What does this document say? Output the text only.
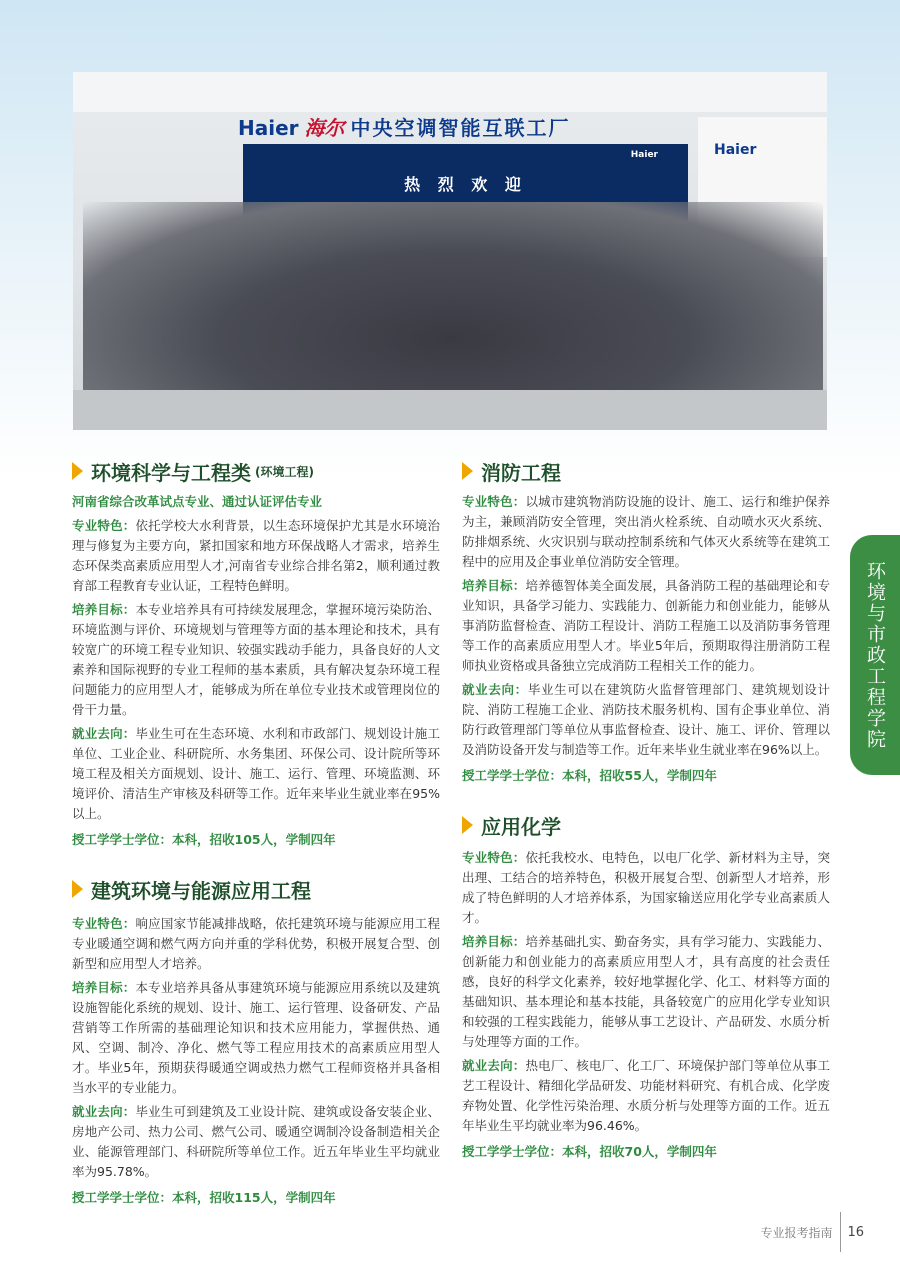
Haier 海尔 中央空调智能互联工厂
Haier
热 烈 欢 迎
Haier
环境科学与工程类 (环境工程)
河南省综合改革试点专业、通过认证评估专业
专业特色：依托学校大水利背景，以生态环境保护尤其是水环境治理与修复为主要方向，紧扣国家和地方环保战略人才需求，培养生态环保类高素质应用型人才,河南省专业综合排名第2，顺利通过教育部工程教育专业认证，工程特色鲜明。
培养目标：本专业培养具有可持续发展理念，掌握环境污染防治、环境监测与评价、环境规划与管理等方面的基本理论和技术，具有较宽广的环境工程专业知识、较强实践动手能力，具备良好的人文素养和国际视野的专业工程师的基本素质，具有解决复杂环境工程问题能力的应用型人才，能够成为所在单位专业技术或管理岗位的骨干力量。
就业去向：毕业生可在生态环境、水利和市政部门、规划设计施工单位、工业企业、科研院所、水务集团、环保公司、设计院所等环境工程及相关方面规划、设计、施工、运行、管理、环境监测、环境评价、清洁生产审核及科研等工作。近年来毕业生就业率在95%以上。
授工学学士学位：本科，招收105人，学制四年
建筑环境与能源应用工程
专业特色：响应国家节能减排战略，依托建筑环境与能源应用工程专业暖通空调和燃气两方向并重的学科优势，积极开展复合型、创新型和应用型人才培养。
培养目标：本专业培养具备从事建筑环境与能源应用系统以及建筑设施智能化系统的规划、设计、施工、运行管理、设备研发、产品营销等工作所需的基础理论知识和技术应用能力，掌握供热、通风、空调、制冷、净化、燃气等工程应用技术的高素质应用型人才。毕业5年，预期获得暖通空调或热力燃气工程师资格并具备相当水平的专业能力。
就业去向：毕业生可到建筑及工业设计院、建筑或设备安装企业、房地产公司、热力公司、燃气公司、暖通空调制冷设备制造相关企业、能源管理部门、科研院所等单位工作。近五年毕业生平均就业率为95.78%。
授工学学士学位：本科，招收115人，学制四年
消防工程
专业特色：以城市建筑物消防设施的设计、施工、运行和维护保养为主，兼顾消防安全管理，突出消火栓系统、自动喷水灭火系统、防排烟系统、火灾识别与联动控制系统和气体灭火系统等在建筑工程中的应用及企事业单位消防安全管理。
培养目标：培养德智体美全面发展，具备消防工程的基础理论和专业知识，具备学习能力、实践能力、创新能力和创业能力，能够从事消防监督检查、消防工程设计、消防工程施工以及消防事务管理等工作的高素质应用型人才。毕业5年后，预期取得注册消防工程师执业资格或具备独立完成消防工程相关工作的能力。
就业去向：毕业生可以在建筑防火监督管理部门、建筑规划设计院、消防工程施工企业、消防技术服务机构、国有企事业单位、消防行政管理部门等单位从事监督检查、设计、施工、评价、管理以及消防设备开发与制造等工作。近年来毕业生就业率在96%以上。
授工学学士学位：本科，招收55人，学制四年
应用化学
专业特色：依托我校水、电特色，以电厂化学、新材料为主导，突出理、工结合的培养特色，积极开展复合型、创新型人才培养，形成了特色鲜明的人才培养体系，为国家输送应用化学专业高素质人才。
培养目标：培养基础扎实、勤奋务实，具有学习能力、实践能力、创新能力和创业能力的高素质应用型人才，具有高度的社会责任感，良好的科学文化素养，较好地掌握化学、化工、材料等方面的基础知识、基本理论和基本技能，具备较宽广的应用化学专业知识和较强的工程实践能力，能够从事工艺设计、产品研发、水质分析与处理等方面的工作。
就业去向：热电厂、核电厂、化工厂、环境保护部门等单位从事工艺工程设计、精细化学品研发、功能材料研究、有机合成、化学废弃物处置、化学性污染治理、水质分析与处理等方面的工作。近五年毕业生平均就业率为96.46%。
授工学学士学位：本科，招收70人，学制四年
环境与市政工程学院
专业报考指南 16
